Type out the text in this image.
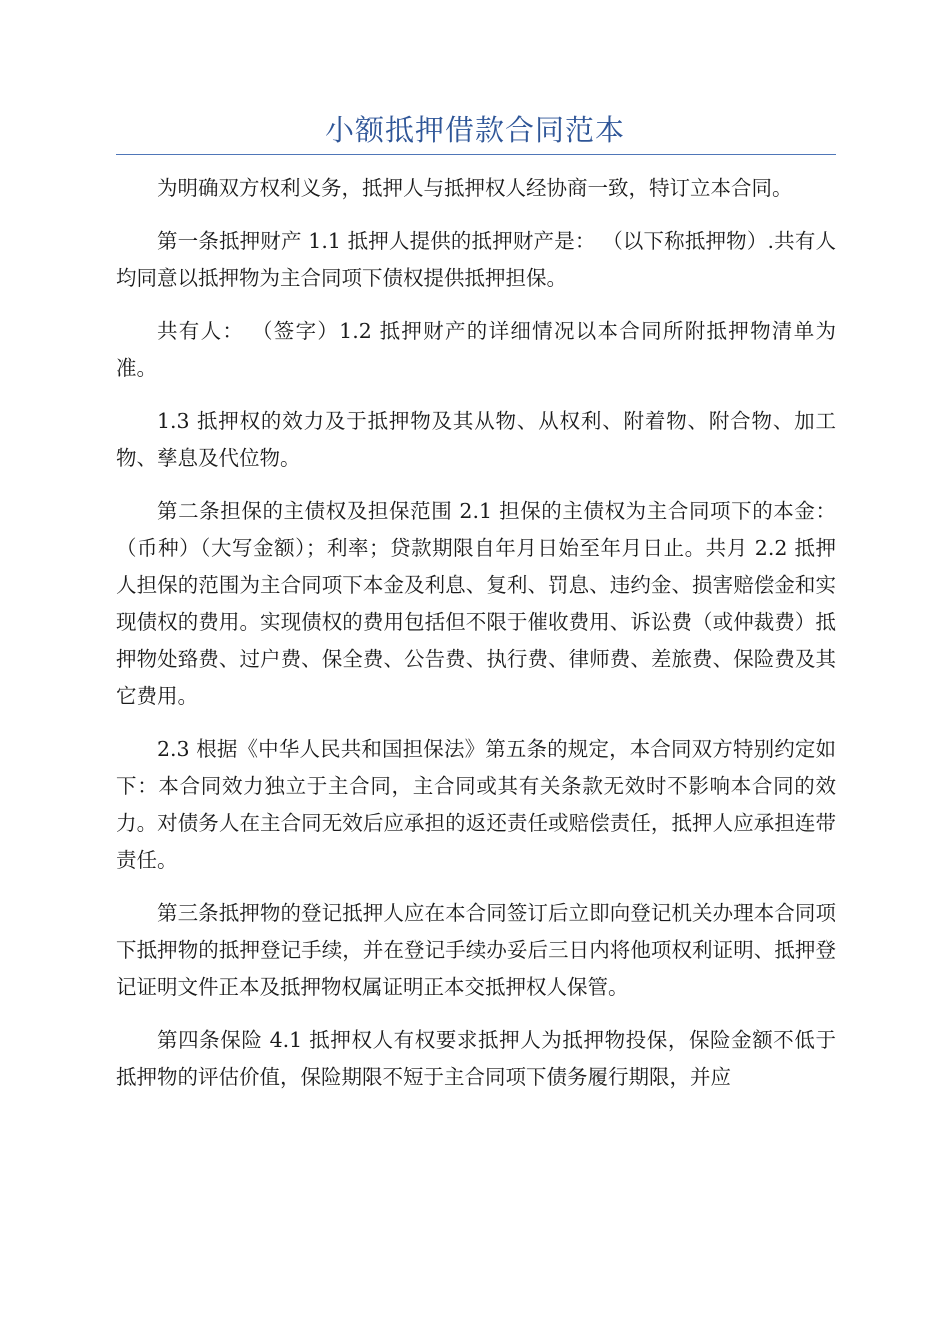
小额抵押借款合同范本

为明确双方权利义务，抵押人与抵押权人经协商一致，特订立本合同。

第一条抵押财产 1.1 抵押人提供的抵押财产是： （以下称抵押物）.共有人均同意以抵押物为主合同项下债权提供抵押担保。

共有人： （签字）1.2 抵押财产的详细情况以本合同所附抵押物清单为准。

1.3 抵押权的效力及于抵押物及其从物、从权利、附着物、附合物、加工物、孳息及代位物。

第二条担保的主债权及担保范围 2.1 担保的主债权为主合同项下的本金：（币种）（大写金额）；利率；贷款期限自年月日始至年月日止。共月 2.2 抵押人担保的范围为主合同项下本金及利息、复利、罚息、违约金、损害赔偿金和实现债权的费用。实现债权的费用包括但不限于催收费用、诉讼费（或仲裁费）抵押物处臵费、过户费、保全费、公告费、执行费、律师费、差旅费、保险费及其它费用。

2.3 根据《中华人民共和国担保法》第五条的规定，本合同双方特别约定如下：本合同效力独立于主合同，主合同或其有关条款无效时不影响本合同的效力。对债务人在主合同无效后应承担的返还责任或赔偿责任，抵押人应承担连带责任。

第三条抵押物的登记抵押人应在本合同签订后立即向登记机关办理本合同项下抵押物的抵押登记手续，并在登记手续办妥后三日内将他项权利证明、抵押登记证明文件正本及抵押物权属证明正本交抵押权人保管。

第四条保险 4.1 抵押权人有权要求抵押人为抵押物投保，保险金额不低于抵押物的评估价值，保险期限不短于主合同项下债务履行期限，并应
